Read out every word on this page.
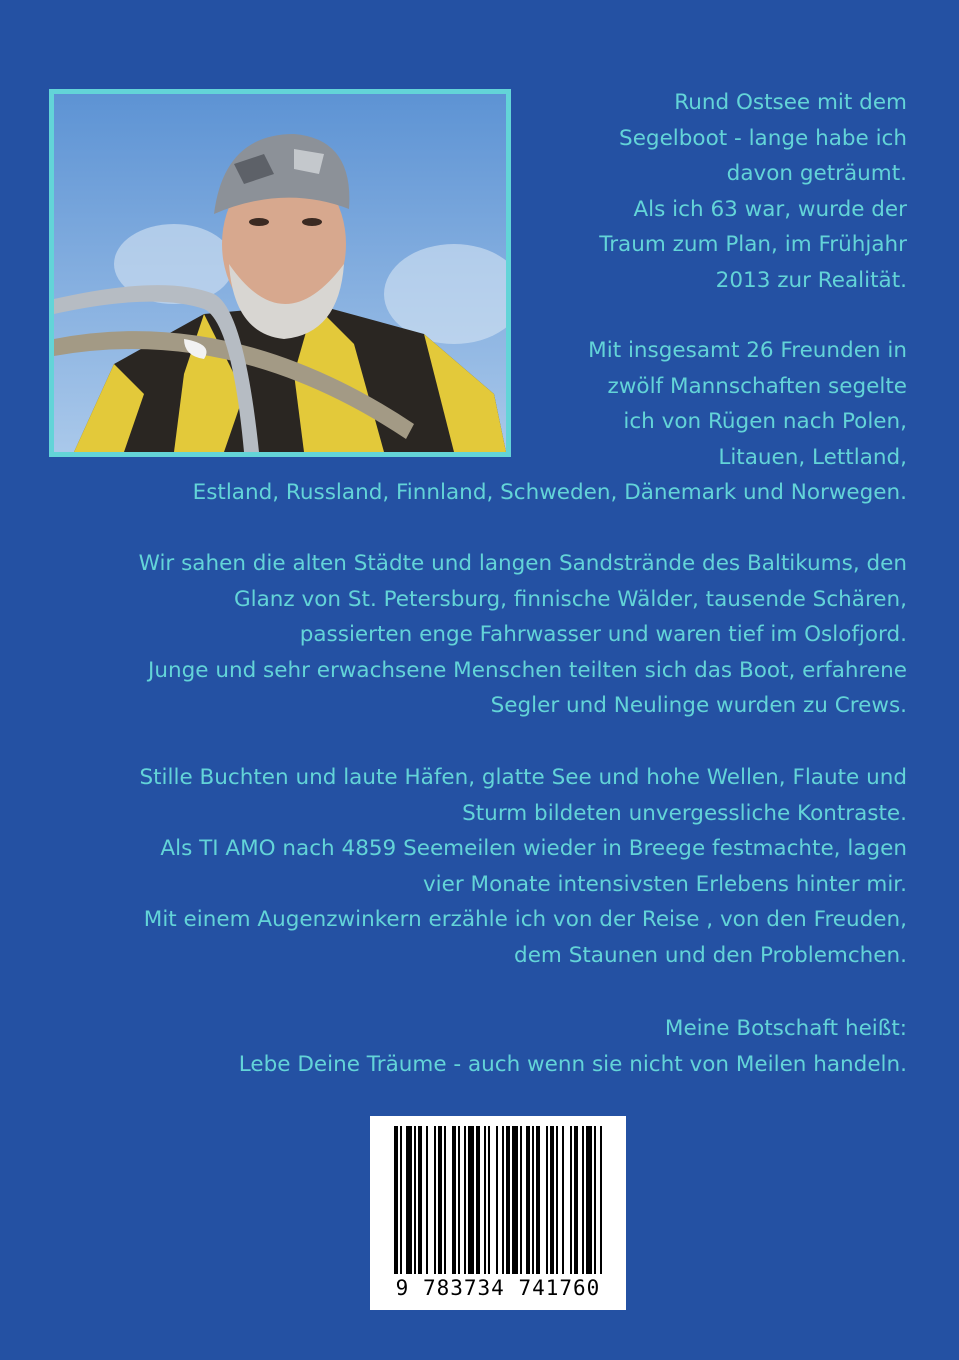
Rund Ostsee mit dem

Segelboot - lange habe ich

davon geträumt.

Als ich 63 war, wurde der

Traum zum Plan, im Frühjahr

2013 zur Realität.

Mit insgesamt 26 Freunden in

zwölf Mannschaften segelte

ich von Rügen nach Polen,

Litauen, Lettland,

Estland, Russland, Finnland, Schweden, Dänemark und Norwegen.

Wir sahen die alten Städte und langen Sandstrände des Baltikums, den

Glanz von St. Petersburg, finnische Wälder, tausende Schären,

passierten enge Fahrwasser und waren tief im Oslofjord.

Junge und sehr erwachsene Menschen teilten sich das Boot, erfahrene

Segler und Neulinge wurden zu Crews.

Stille Buchten und laute Häfen, glatte See und hohe Wellen, Flaute und

Sturm bildeten unvergessliche Kontraste.

Als TI AMO nach 4859 Seemeilen wieder in Breege festmachte, lagen

vier Monate intensivsten Erlebens hinter mir.

Mit einem Augenzwinkern erzähle ich von der Reise , von den Freuden,

dem Staunen und den Problemchen.

Meine Botschaft heißt:

Lebe Deine Träume - auch wenn sie nicht von Meilen handeln.

9 783734 741760
